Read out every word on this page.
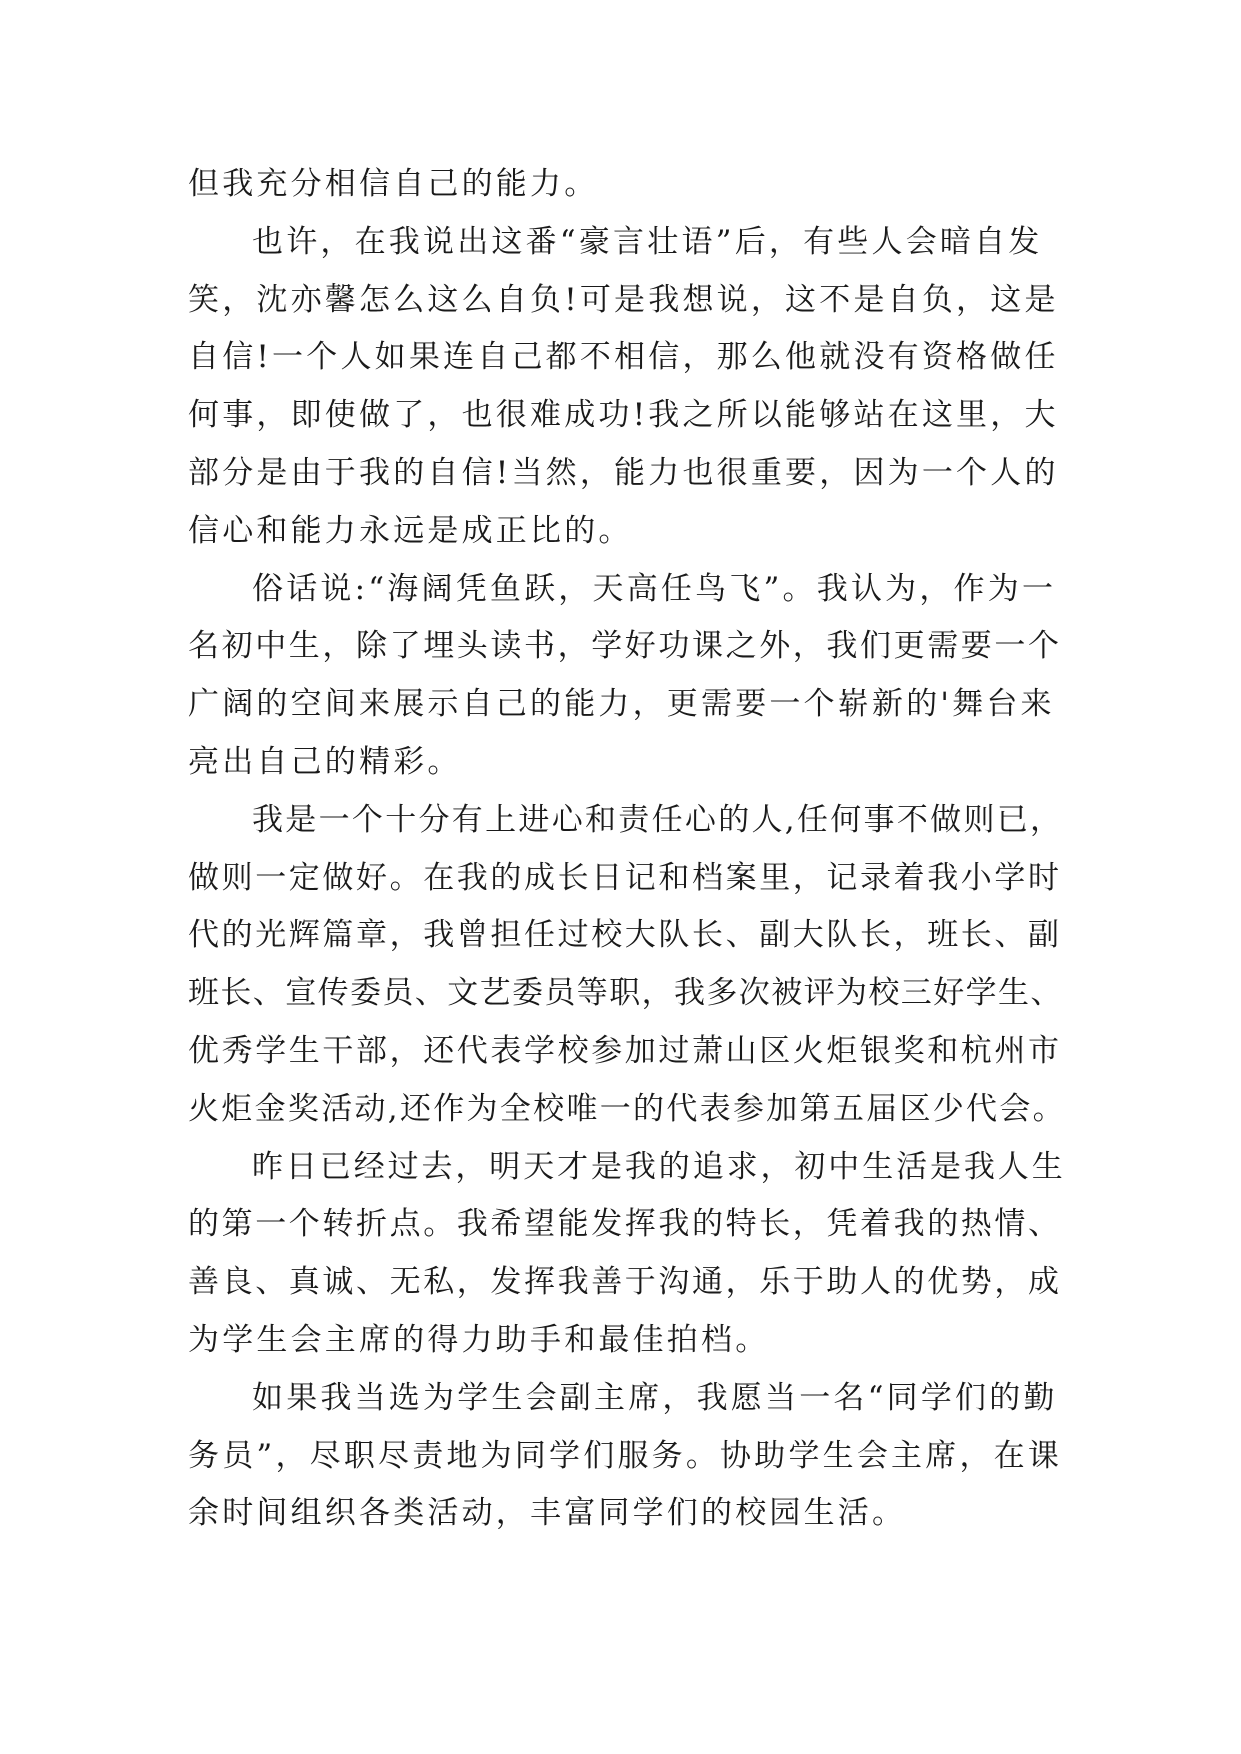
但我充分相信自己的能力。
也许，在我说出这番“豪言壮语”后，有些人会暗自发
笑，沈亦馨怎么这么自负!可是我想说，这不是自负，这是
自信!一个人如果连自己都不相信，那么他就没有资格做任
何事，即使做了，也很难成功!我之所以能够站在这里，大
部分是由于我的自信!当然，能力也很重要，因为一个人的
信心和能力永远是成正比的。
俗话说:“海阔凭鱼跃，天高任鸟飞”。我认为，作为一
名初中生，除了埋头读书，学好功课之外，我们更需要一个
广阔的空间来展示自己的能力，更需要一个崭新的'舞台来
亮出自己的精彩。
我是一个十分有上进心和责任心的人,任何事不做则已，
做则一定做好。在我的成长日记和档案里，记录着我小学时
代的光辉篇章，我曾担任过校大队长、副大队长，班长、副
班长、宣传委员、文艺委员等职，我多次被评为校三好学生、
优秀学生干部，还代表学校参加过萧山区火炬银奖和杭州市
火炬金奖活动,还作为全校唯一的代表参加第五届区少代会。
昨日已经过去，明天才是我的追求，初中生活是我人生
的第一个转折点。我希望能发挥我的特长，凭着我的热情、
善良、真诚、无私，发挥我善于沟通，乐于助人的优势，成
为学生会主席的得力助手和最佳拍档。
如果我当选为学生会副主席，我愿当一名“同学们的勤
务员”，尽职尽责地为同学们服务。协助学生会主席，在课
余时间组织各类活动，丰富同学们的校园生活。
